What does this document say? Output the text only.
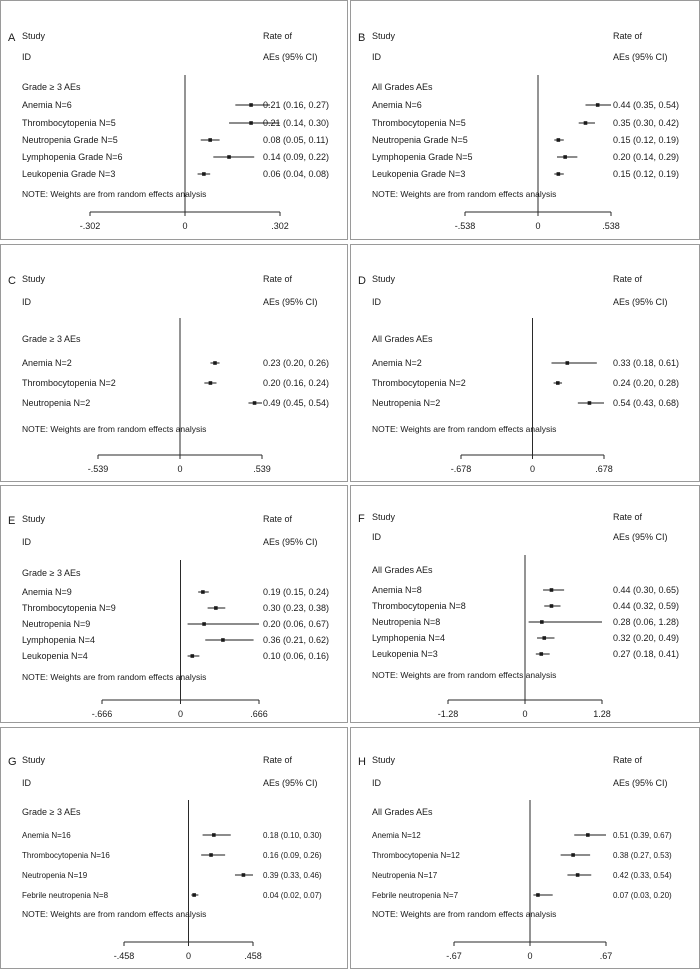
A Study
ID
Rate of
AEs (95% CI)
Grade ≥ 3 AEs
Anemia N=6	0.21 (0.16, 0.27)
Thrombocytopenia N=5	0.21 (0.14, 0.30)
Neutropenia Grade N=5	0.08 (0.05, 0.11)
Lymphopenia Grade N=6	0.14 (0.09, 0.22)
Leukopenia Grade N=3	0.06 (0.04, 0.08)
NOTE: Weights are from random effects analysis
-.302	0	.302
B Study
ID
Rate of
AEs (95% CI)
All Grades AEs
Anemia N=6	0.44 (0.35, 0.54)
Thrombocytopenia N=5	0.35 (0.30, 0.42)
Neutropenia Grade N=5	0.15 (0.12, 0.19)
Lymphopenia Grade N=5	0.20 (0.14, 0.29)
Leukopenia Grade N=3	0.15 (0.12, 0.19)
NOTE: Weights are from random effects analysis
-.538	0	.538
C Study
ID
Rate of
AEs (95% CI)
Grade ≥ 3 AEs
Anemia N=2	0.23 (0.20, 0.26)
Thrombocytopenia N=2	0.20 (0.16, 0.24)
Neutropenia N=2	0.49 (0.45, 0.54)
NOTE: Weights are from random effects analysis
-.539	0	.539
D Study
ID
Rate of
AEs (95% CI)
All Grades AEs
Anemia N=2	0.33 (0.18, 0.61)
Thrombocytopenia N=2	0.24 (0.20, 0.28)
Neutropenia N=2	0.54 (0.43, 0.68)
NOTE: Weights are from random effects analysis
-.678	0	.678
E Study
ID
Rate of
AEs (95% CI)
Grade ≥ 3 AEs
Anemia N=9	0.19 (0.15, 0.24)
Thrombocytopenia N=9	0.30 (0.23, 0.38)
Neutropenia N=9	0.20 (0.06, 0.67)
Lymphopenia N=4	0.36 (0.21, 0.62)
Leukopenia N=4	0.10 (0.06, 0.16)
NOTE: Weights are from random effects analysis
-.666	0	.666
F Study
ID
Rate of
AEs (95% CI)
All Grades AEs
Anemia N=8	0.44 (0.30, 0.65)
Thrombocytopenia N=8	0.44 (0.32, 0.59)
Neutropenia N=8	0.28 (0.06, 1.28)
Lymphopenia N=4	0.32 (0.20, 0.49)
Leukopenia N=3	0.27 (0.18, 0.41)
NOTE: Weights are from random effects analysis
-1.28	0	1.28
G Study
ID
Rate of
AEs (95% CI)
Grade ≥ 3 AEs
Anemia N=16	0.18 (0.10, 0.30)
Thrombocytopenia N=16	0.16 (0.09, 0.26)
Neutropenia N=19	0.39 (0.33, 0.46)
Febrile neutropenia N=8	0.04 (0.02, 0.07)
NOTE: Weights are from random effects analysis
-.458	0	.458
H Study
ID
Rate of
AEs (95% CI)
All Grades AEs
Anemia N=12	0.51 (0.39, 0.67)
Thrombocytopenia N=12	0.38 (0.27, 0.53)
Neutropenia N=17	0.42 (0.33, 0.54)
Febrile neutropenia N=7	0.07 (0.03, 0.20)
NOTE: Weights are from random effects analysis
-.67	0	.67
